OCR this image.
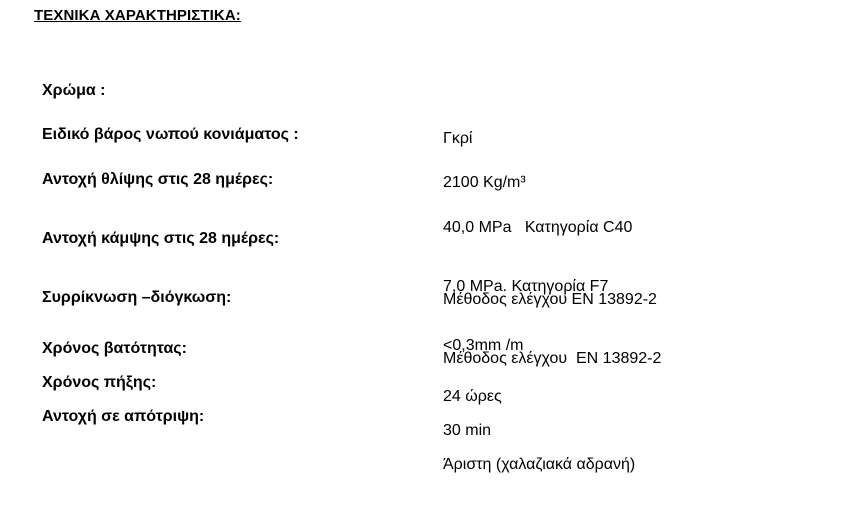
ΤΕΧΝΙΚΑ ΧΑΡΑΚΤΗΡΙΣΤΙΚΑ:
Χρώμα :

Γκρί

Ειδικό βάρος νωπού κονιάματος :

2100 Kg/m³

Αντοχή θλίψης στις 28 ημέρες:

40,0 MPa   Κατηγορία C40

Μέθοδος ελέγχου EN 13892-2

Αντοχή κάμψης στις 28 ημέρες:

7,0 MPa. Κατηγορία F7

Μέθοδος ελέγχου  EN 13892-2

Συρρίκνωση –διόγκωση:

<0,3mm /m

Χρόνος βατότητας:

24 ώρες

Χρόνος πήξης:

30 min

Αντοχή σε απότριψη:

Άριστη (χαλαζιακά αδρανή)
